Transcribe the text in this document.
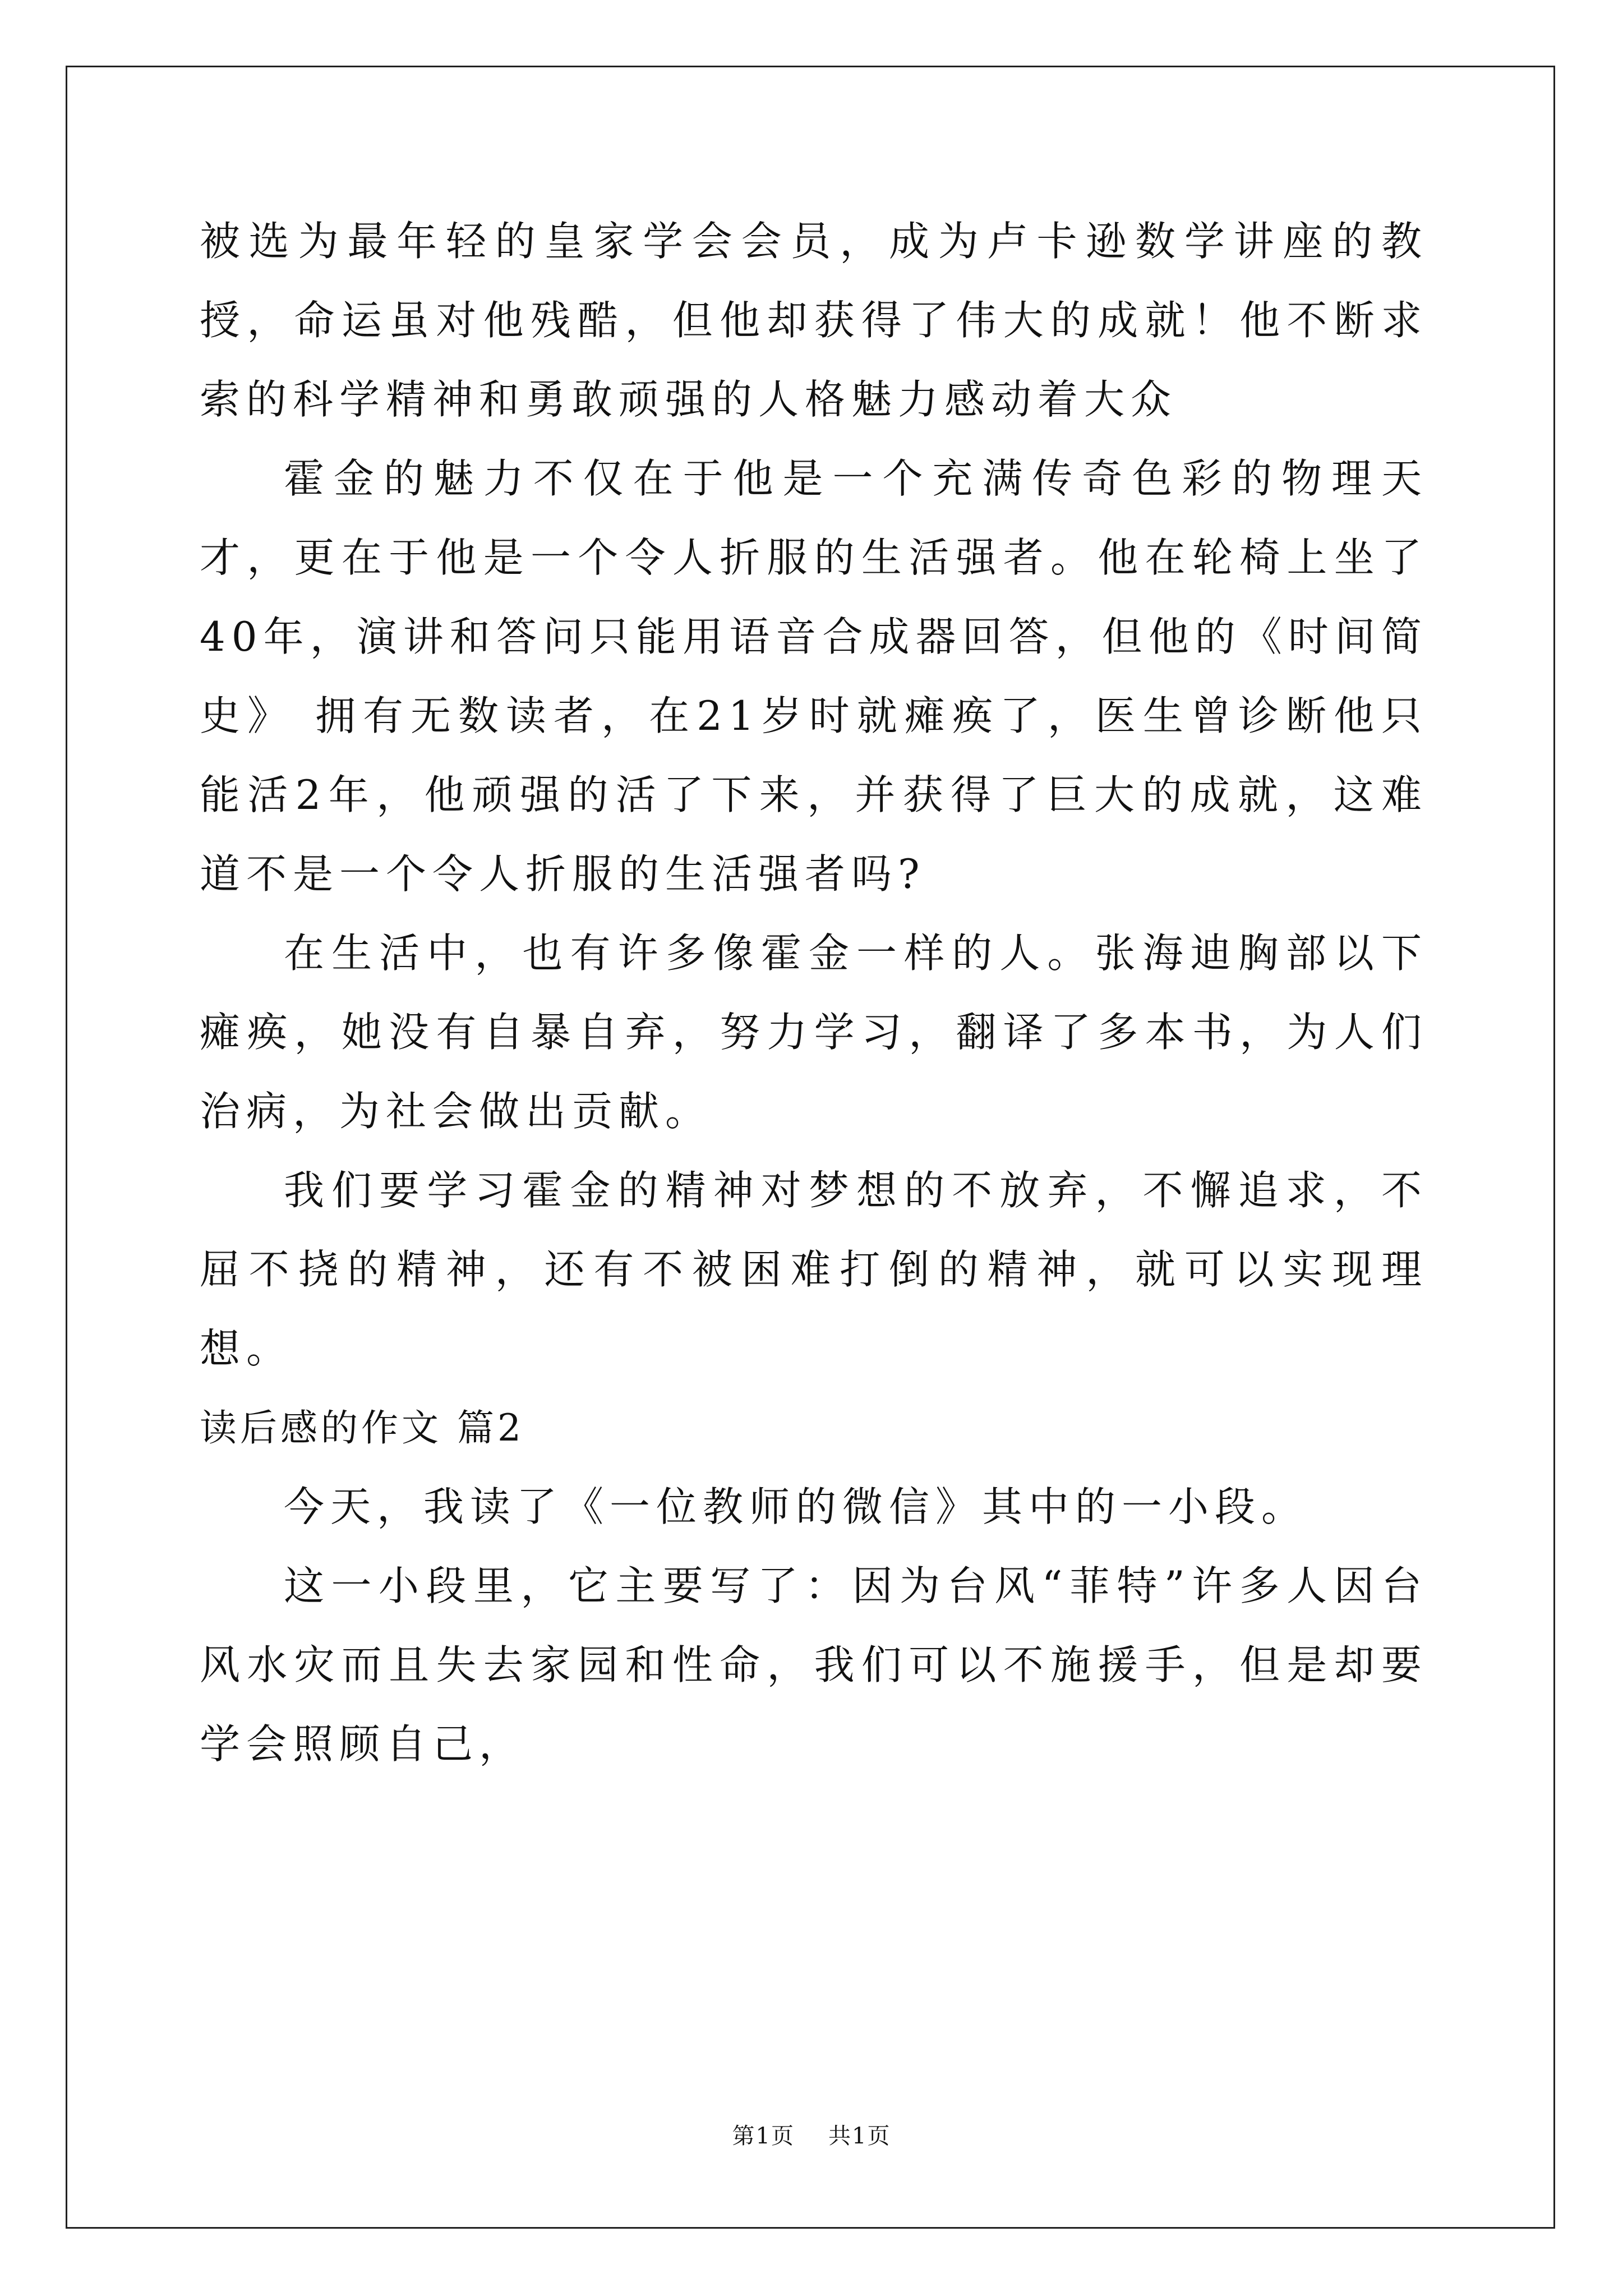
被选为最年轻的皇家学会会员，成为卢卡逊数学讲座的教授，命运虽对他残酷，但他却获得了伟大的成就！他不断求索的科学精神和勇敢顽强的人格魅力感动着大众

霍金的魅力不仅在于他是一个充满传奇色彩的物理天才，更在于他是一个令人折服的生活强者。他在轮椅上坐了40年，演讲和答问只能用语音合成器回答，但他的《时间简史》 拥有无数读者，在21岁时就瘫痪了，医生曾诊断他只能活2年，他顽强的活了下来，并获得了巨大的成就，这难道不是一个令人折服的生活强者吗?

在生活中，也有许多像霍金一样的人。张海迪胸部以下瘫痪，她没有自暴自弃，努力学习，翻译了多本书，为人们治病，为社会做出贡献。

我们要学习霍金的精神对梦想的不放弃，不懈追求，不屈不挠的精神，还有不被困难打倒的精神，就可以实现理想。

读后感的作文 篇2

今天，我读了《一位教师的微信》其中的一小段。

这一小段里，它主要写了：因为台风“菲特”许多人因台风水灾而且失去家园和性命，我们可以不施援手，但是却要学会照顾自己，

第1页 共1页
